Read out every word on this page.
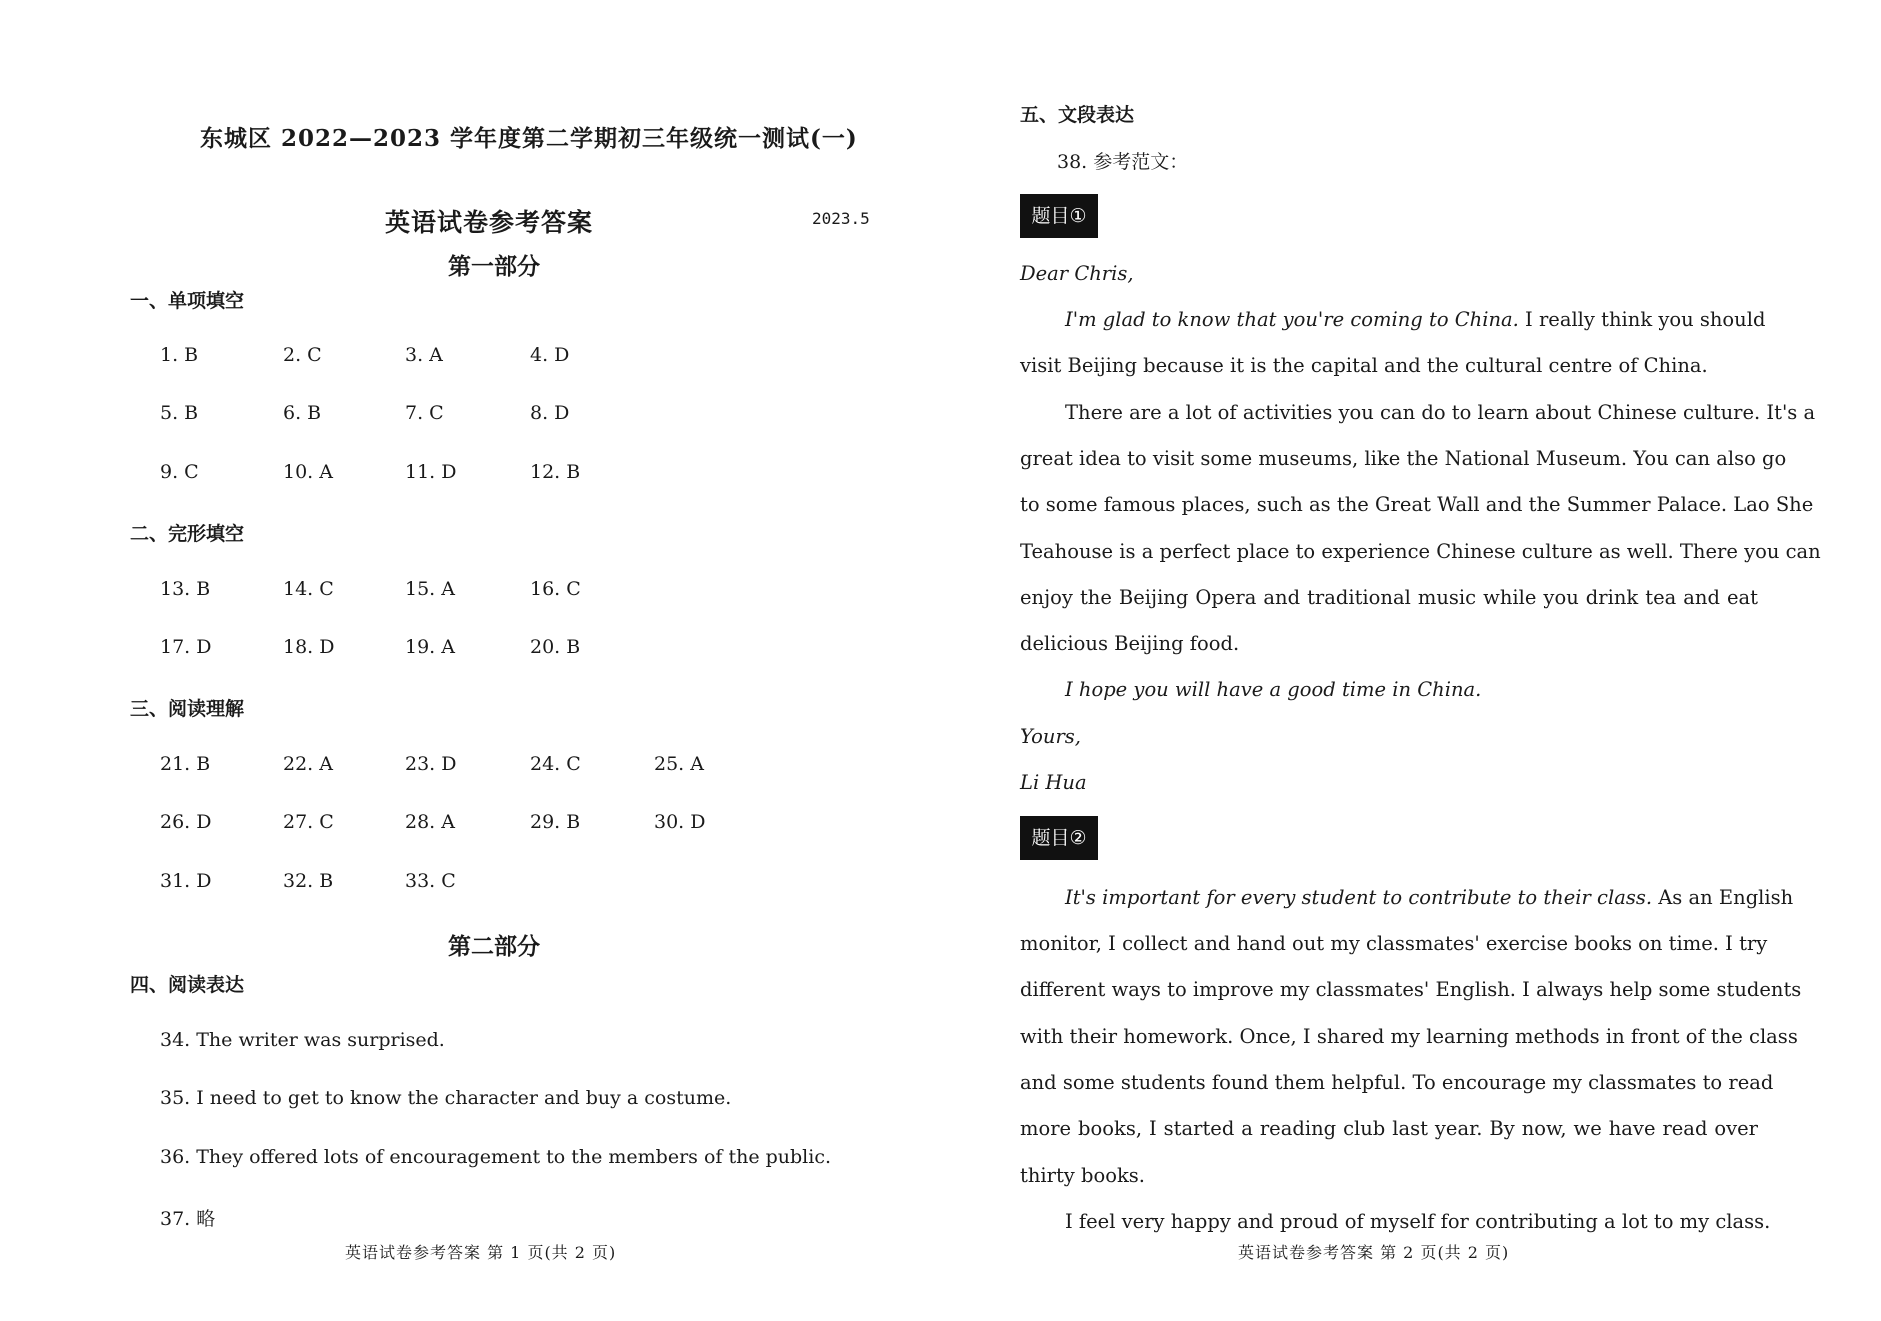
东城区 2022—2023 学年度第二学期初三年级统一测试(一)
英语试卷参考答案	2023.5
第一部分
一、单项填空
1. B	2. C	3. A	4. D
5. B	6. B	7. C	8. D
9. C	10. A	11. D	12. B
二、完形填空
13. B	14. C	15. A	16. C
17. D	18. D	19. A	20. B
三、阅读理解
21. B	22. A	23. D	24. C	25. A
26. D	27. C	28. A	29. B	30. D
31. D	32. B	33. C
第二部分
四、阅读表达
34. The writer was surprised.
35. I need to get to know the character and buy a costume.
36. They offered lots of encouragement to the members of the public.
37. 略
英语试卷参考答案 第 1 页(共 2 页)
五、文段表达
38. 参考范文：
题目①
Dear Chris,
I'm glad to know that you're coming to China. I really think you should
visit Beijing because it is the capital and the cultural centre of China.
There are a lot of activities you can do to learn about Chinese culture. It's a
great idea to visit some museums, like the National Museum. You can also go
to some famous places, such as the Great Wall and the Summer Palace. Lao She
Teahouse is a perfect place to experience Chinese culture as well. There you can
enjoy the Beijing Opera and traditional music while you drink tea and eat
delicious Beijing food.
I hope you will have a good time in China.
Yours,
Li Hua
题目②
It's important for every student to contribute to their class. As an English
monitor, I collect and hand out my classmates' exercise books on time. I try
different ways to improve my classmates' English. I always help some students
with their homework. Once, I shared my learning methods in front of the class
and some students found them helpful. To encourage my classmates to read
more books, I started a reading club last year. By now, we have read over
thirty books.
I feel very happy and proud of myself for contributing a lot to my class.
英语试卷参考答案 第 2 页(共 2 页)
